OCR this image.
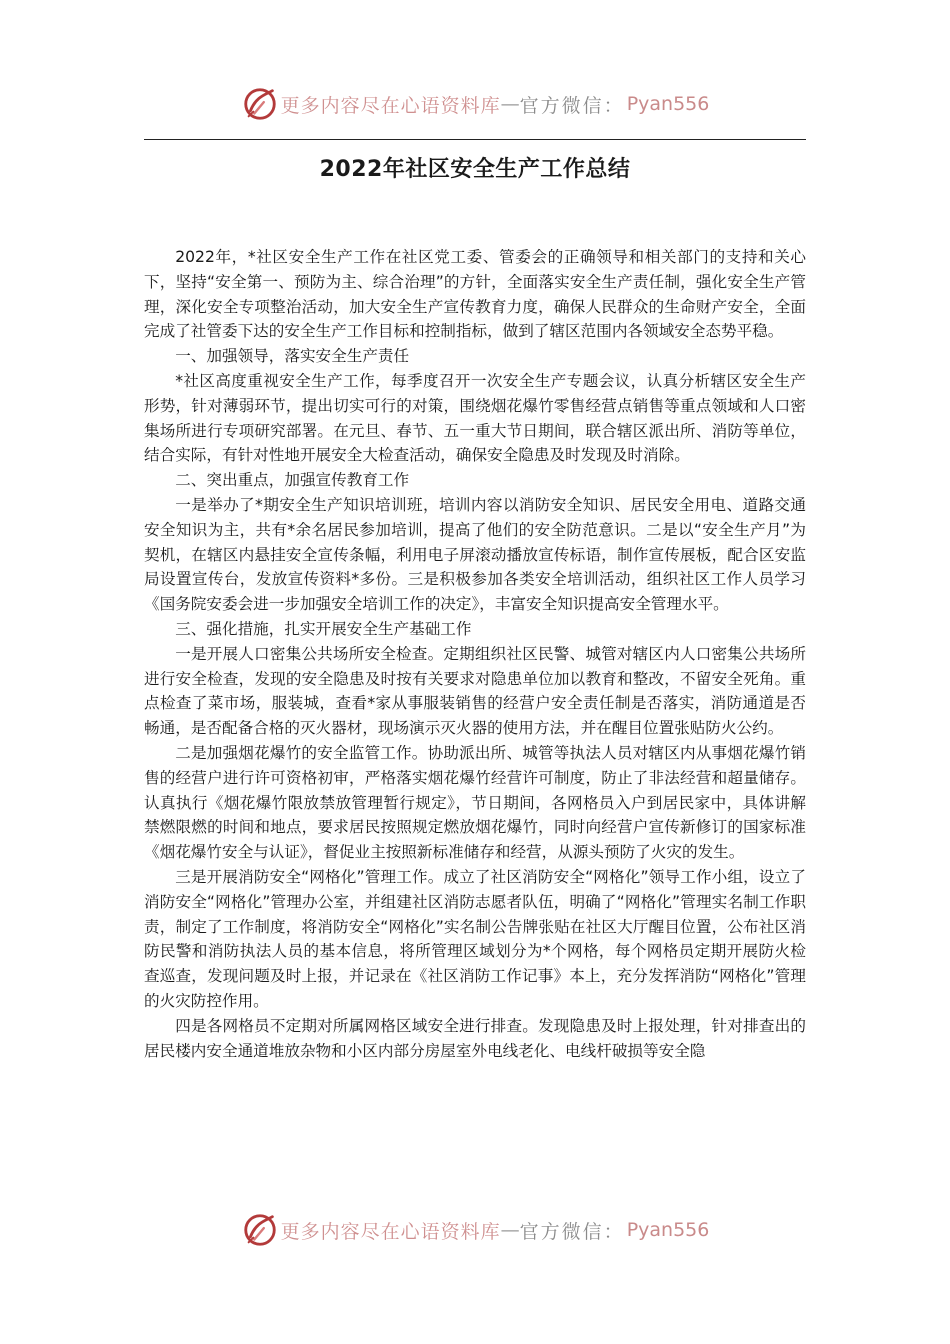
更多内容尽在心语资料库 — 官方微信： Pyan556
2022年社区安全生产工作总结

2022年，*社区安全生产工作在社区党工委、管委会的正确领导和相关部门的支持和关心下，坚持“安全第一、预防为主、综合治理”的方针，全面落实安全生产责任制，强化安全生产管理，深化安全专项整治活动，加大安全生产宣传教育力度，确保人民群众的生命财产安全，全面完成了社管委下达的安全生产工作目标和控制指标，做到了辖区范围内各领域安全态势平稳。

一、加强领导，落实安全生产责任

*社区高度重视安全生产工作，每季度召开一次安全生产专题会议，认真分析辖区安全生产形势，针对薄弱环节，提出切实可行的对策，围绕烟花爆竹零售经营点销售等重点领域和人口密集场所进行专项研究部署。在元旦、春节、五一重大节日期间，联合辖区派出所、消防等单位，结合实际，有针对性地开展安全大检查活动，确保安全隐患及时发现及时消除。

二、突出重点，加强宣传教育工作

一是举办了*期安全生产知识培训班，培训内容以消防安全知识、居民安全用电、道路交通安全知识为主，共有*余名居民参加培训，提高了他们的安全防范意识。二是以“安全生产月”为契机，在辖区内悬挂安全宣传条幅，利用电子屏滚动播放宣传标语，制作宣传展板，配合区安监局设置宣传台，发放宣传资料*多份。三是积极参加各类安全培训活动，组织社区工作人员学习《国务院安委会进一步加强安全培训工作的决定》，丰富安全知识提高安全管理水平。

三、强化措施，扎实开展安全生产基础工作

一是开展人口密集公共场所安全检查。定期组织社区民警、城管对辖区内人口密集公共场所进行安全检查，发现的安全隐患及时按有关要求对隐患单位加以教育和整改，不留安全死角。重点检查了菜市场，服装城，查看*家从事服装销售的经营户安全责任制是否落实，消防通道是否畅通，是否配备合格的灭火器材，现场演示灭火器的使用方法，并在醒目位置张贴防火公约。

二是加强烟花爆竹的安全监管工作。协助派出所、城管等执法人员对辖区内从事烟花爆竹销售的经营户进行许可资格初审，严格落实烟花爆竹经营许可制度，防止了非法经营和超量储存。认真执行《烟花爆竹限放禁放管理暂行规定》，节日期间，各网格员入户到居民家中，具体讲解禁燃限燃的时间和地点，要求居民按照规定燃放烟花爆竹，同时向经营户宣传新修订的国家标准《烟花爆竹安全与认证》，督促业主按照新标准储存和经营，从源头预防了火灾的发生。

三是开展消防安全“网格化”管理工作。成立了社区消防安全“网格化”领导工作小组，设立了消防安全“网格化”管理办公室，并组建社区消防志愿者队伍，明确了“网格化”管理实名制工作职责，制定了工作制度，将消防安全“网格化”实名制公告牌张贴在社区大厅醒目位置，公布社区消防民警和消防执法人员的基本信息，将所管理区域划分为*个网格，每个网格员定期开展防火检查巡查，发现问题及时上报，并记录在《社区消防工作记事》本上，充分发挥消防“网格化”管理的火灾防控作用。

四是各网格员不定期对所属网格区域安全进行排查。发现隐患及时上报处理，针对排查出的居民楼内安全通道堆放杂物和小区内部分房屋室外电线老化、电线杆破损等安全隐

更多内容尽在心语资料库 — 官方微信： Pyan556
